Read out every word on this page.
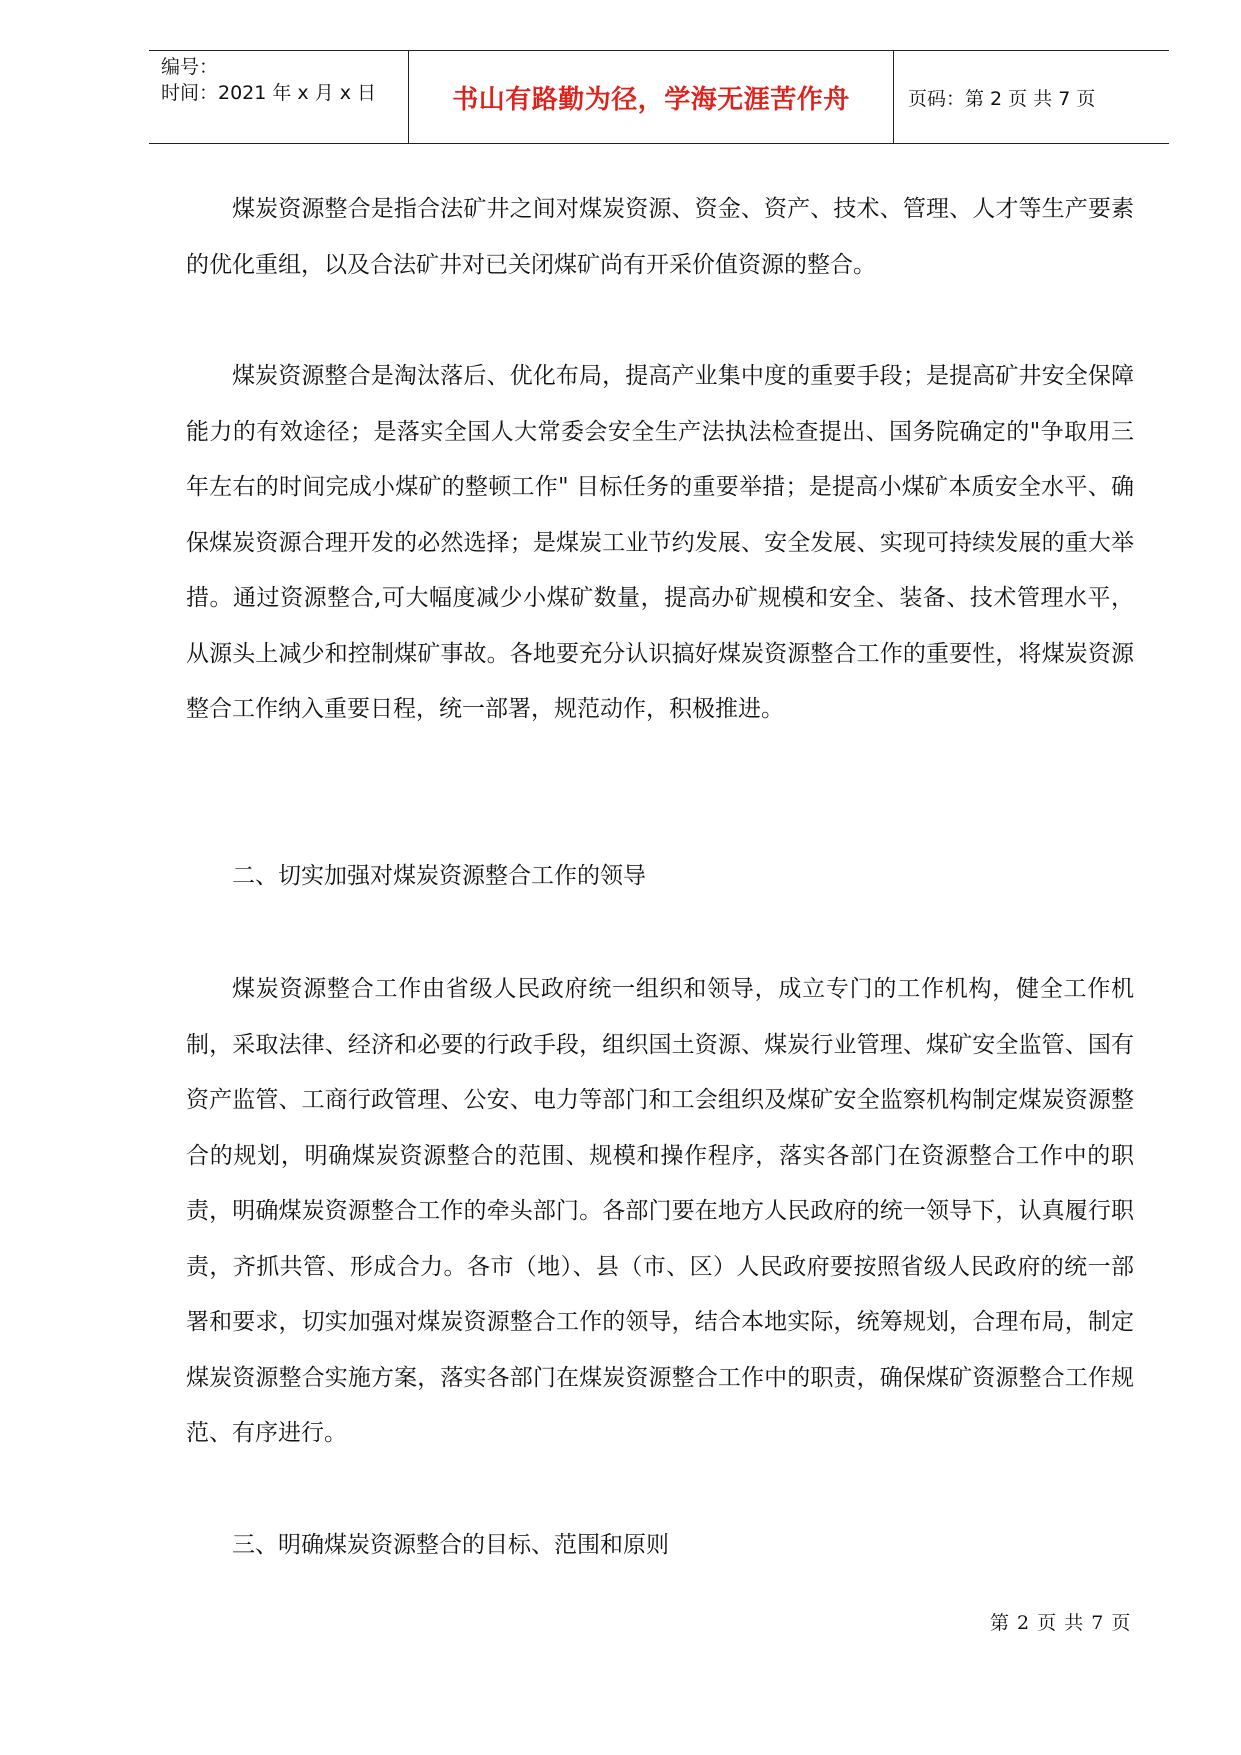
编号：
时间：2021 年 x 月 x 日	书山有路勤为径，学海无涯苦作舟	页码：第 2 页 共 7 页

煤炭资源整合是指合法矿井之间对煤炭资源、资金、资产、技术、管理、人才等生产要素的优化重组，以及合法矿井对已关闭煤矿尚有开采价值资源的整合。

煤炭资源整合是淘汰落后、优化布局，提高产业集中度的重要手段；是提高矿井安全保障能力的有效途径；是落实全国人大常委会安全生产法执法检查提出、国务院确定的"争取用三年左右的时间完成小煤矿的整顿工作" 目标任务的重要举措；是提高小煤矿本质安全水平、确保煤炭资源合理开发的必然选择；是煤炭工业节约发展、安全发展、实现可持续发展的重大举措。通过资源整合,可大幅度减少小煤矿数量，提高办矿规模和安全、装备、技术管理水平，从源头上减少和控制煤矿事故。各地要充分认识搞好煤炭资源整合工作的重要性，将煤炭资源整合工作纳入重要日程，统一部署，规范动作，积极推进。

二、切实加强对煤炭资源整合工作的领导

煤炭资源整合工作由省级人民政府统一组织和领导，成立专门的工作机构，健全工作机制，采取法律、经济和必要的行政手段，组织国土资源、煤炭行业管理、煤矿安全监管、国有资产监管、工商行政管理、公安、电力等部门和工会组织及煤矿安全监察机构制定煤炭资源整合的规划，明确煤炭资源整合的范围、规模和操作程序，落实各部门在资源整合工作中的职责，明确煤炭资源整合工作的牵头部门。各部门要在地方人民政府的统一领导下，认真履行职责，齐抓共管、形成合力。各市（地）、县（市、区）人民政府要按照省级人民政府的统一部署和要求，切实加强对煤炭资源整合工作的领导，结合本地实际，统筹规划，合理布局，制定煤炭资源整合实施方案，落实各部门在煤炭资源整合工作中的职责，确保煤矿资源整合工作规范、有序进行。

三、明确煤炭资源整合的目标、范围和原则

第 2 页 共 7 页
